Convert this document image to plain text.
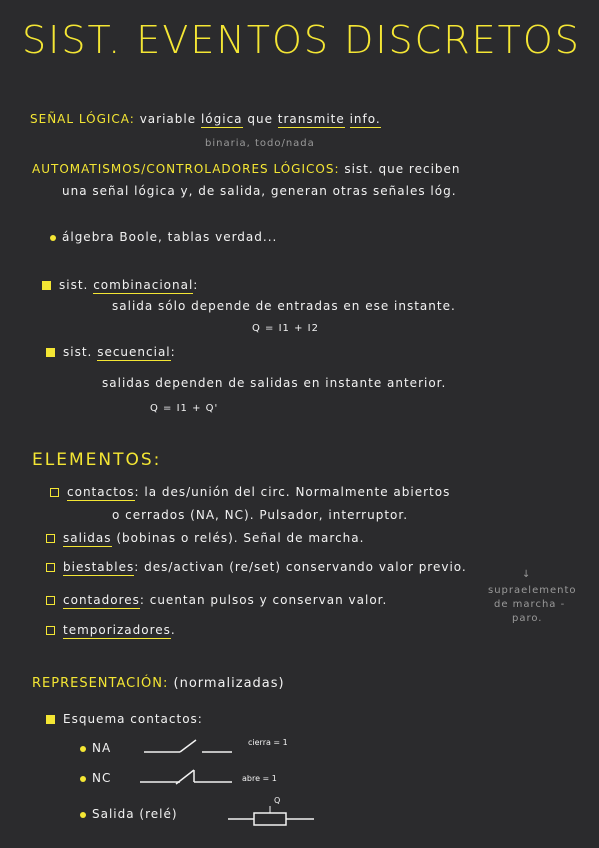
SIST. EVENTOS DISCRETOS
SEÑAL LÓGICA: variable lógica que transmite info.
binaria, todo/nada
AUTOMATISMOS/CONTROLADORES LÓGICOS: sist. que reciben
una señal lógica y, de salida, generan otras señales lóg.
álgebra Boole, tablas verdad...
sist. combinacional:
salida sólo depende de entradas en ese instante.
Q = I1 + I2
sist. secuencial:
salidas dependen de salidas en instante anterior.
Q = I1 + Q'
ELEMENTOS:
contactos: la des/unión del circ. Normalmente abiertos
o cerrados (NA, NC). Pulsador, interruptor.
salidas (bobinas o relés). Señal de marcha.
biestables: des/activan (re/set) conservando valor previo.
contadores: cuentan pulsos y conservan valor.
temporizadores.
↓
supraelemento
de marcha -
paro.
REPRESENTACIÓN: (normalizadas)
Esquema contactos:
NA	cierra = 1
NC	abre = 1
Salida (relé)
Q
